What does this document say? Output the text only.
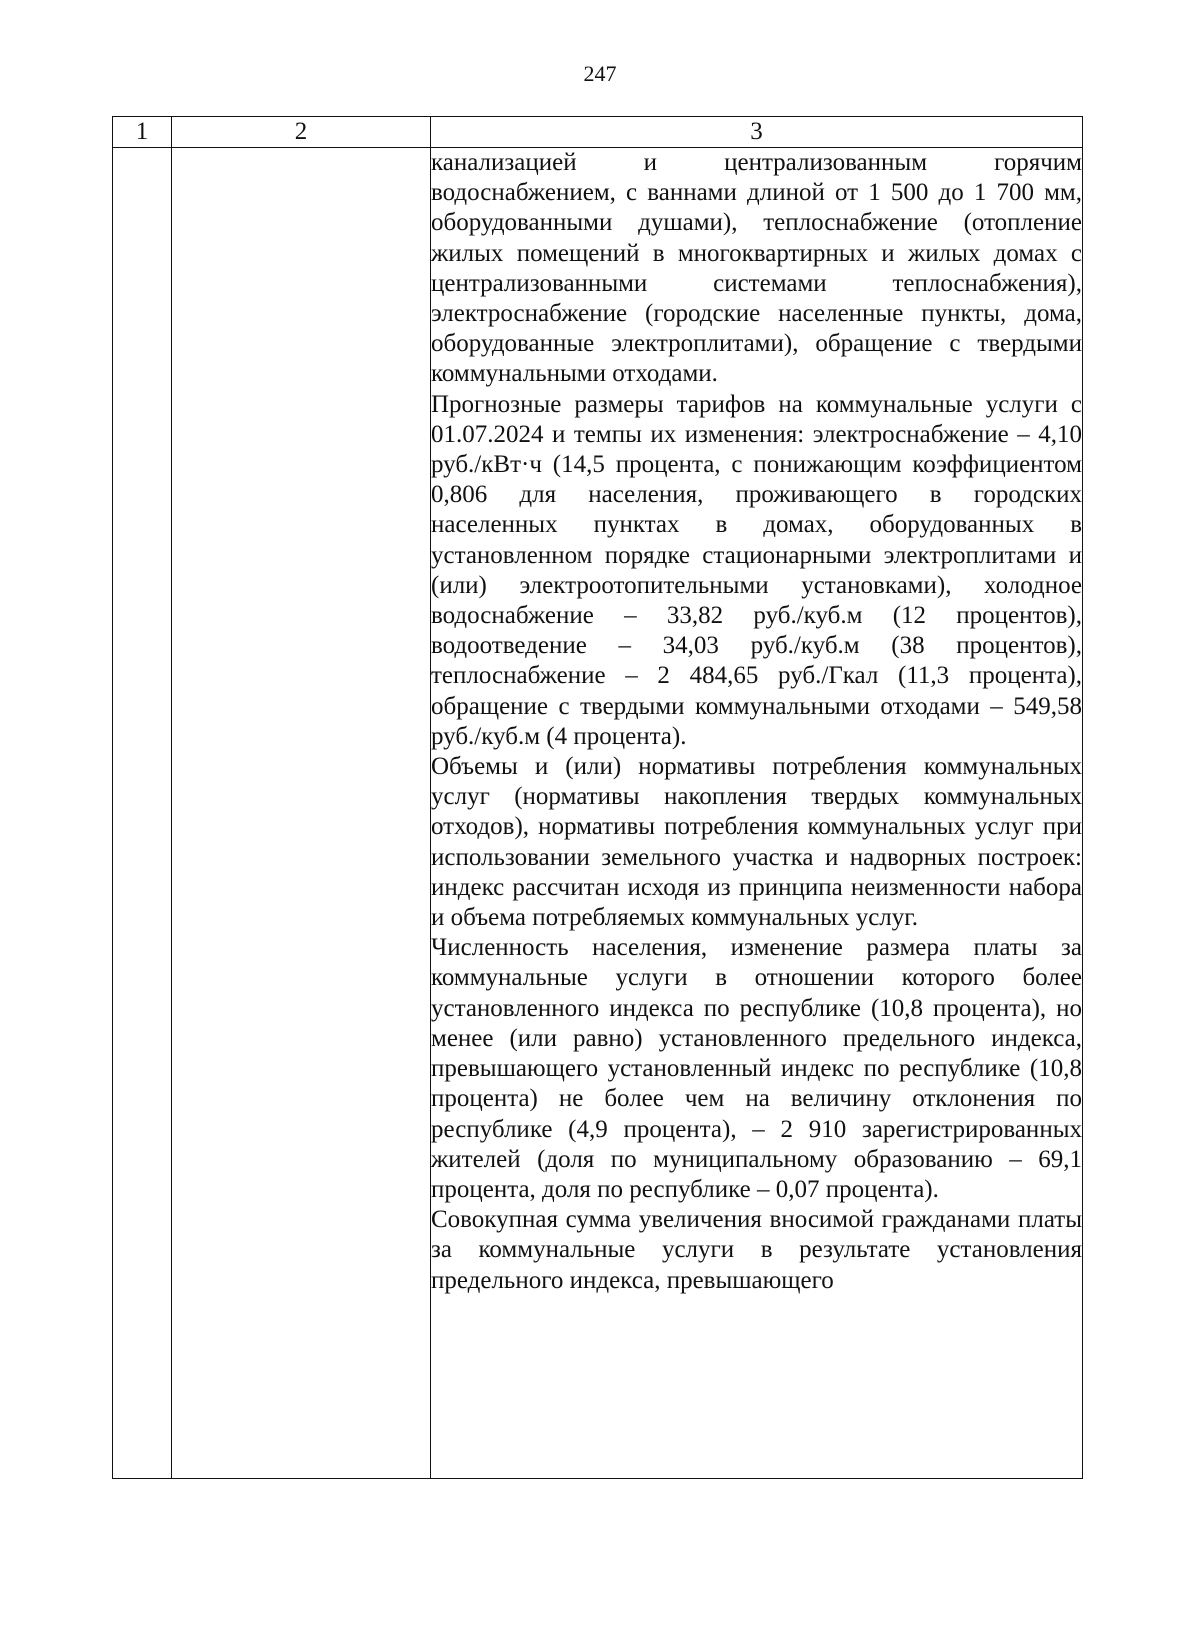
247
1	2	3

		канализацией и централизованным горячим водоснабжением, с ваннами длиной от 1 500 до 1 700 мм, оборудованными душами), теплоснабжение (отопление жилых помещений в многоквартирных и жилых домах с централизованными системами теплоснабжения), электроснабжение (городские населенные пункты, дома, оборудованные электроплитами), обращение с твердыми коммунальными отходами.

Прогнозные размеры тарифов на коммунальные услуги с 01.07.2024 и темпы их изменения: электроснабжение – 4,10 руб./кВт·ч (14,5 процента, с понижающим коэффициентом 0,806 для населения, проживающего в городских населенных пунктах в домах, оборудованных в установленном порядке стационарными электроплитами и (или) электроотопительными установками), холодное водоснабжение – 33,82 руб./куб.м (12 процентов), водоотведение – 34,03 руб./куб.м (38 процентов), теплоснабжение – 2 484,65 руб./Гкал (11,3 процента), обращение с твердыми коммунальными отходами – 549,58 руб./куб.м (4 процента).

Объемы и (или) нормативы потребления коммунальных услуг (нормативы накопления твердых коммунальных отходов), нормативы потребления коммунальных услуг при использовании земельного участка и надворных построек: индекс рассчитан исходя из принципа неизменности набора и объема потребляемых коммунальных услуг.

Численность населения, изменение размера платы за коммунальные услуги в отношении которого более установленного индекса по республике (10,8 процента), но менее (или равно) установленного предельного индекса, превышающего установленный индекс по республике (10,8 процента) не более чем на величину отклонения по республике (4,9 процента), – 2 910 зарегистрированных жителей (доля по муниципальному образованию – 69,1 процента, доля по республике – 0,07 процента).

Совокупная сумма увеличения вносимой гражданами платы за коммунальные услуги в результате установления предельного индекса, превышающего
